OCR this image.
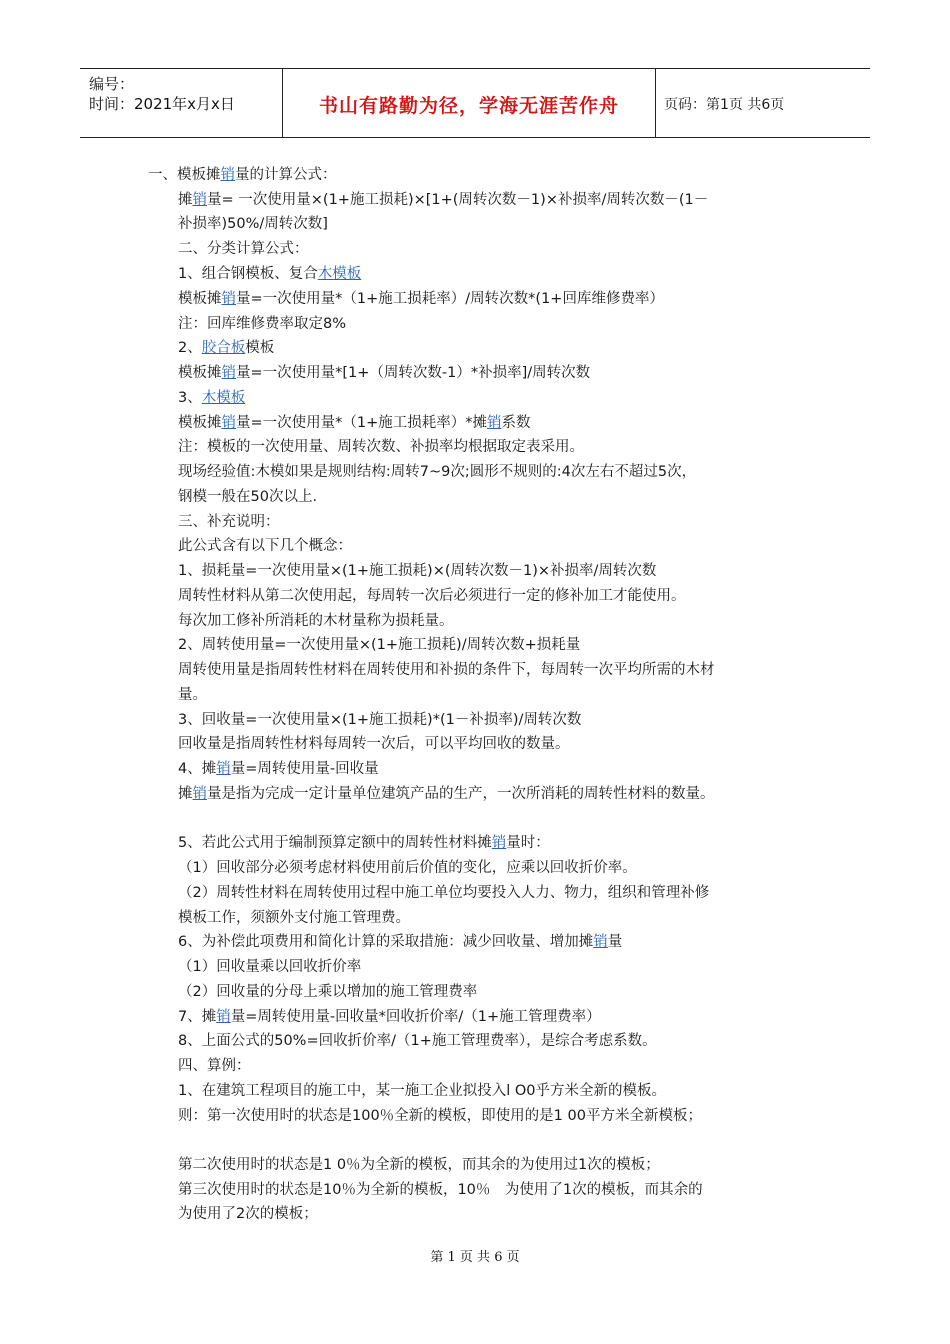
编号：
时间：2021年x月x日	书山有路勤为径，学海无涯苦作舟	页码：第1页 共6页
一、模板摊销量的计算公式：
摊销量= 一次使用量×(1+施工损耗)×[1+(周转次数－1)×补损率/周转次数－(1－
补损率)50%/周转次数]
二、分类计算公式：
1、组合钢模板、复合木模板
模板摊销量=一次使用量*（1+施工损耗率）/周转次数*(1+回库维修费率）
注：回库维修费率取定8%
2、胶合板模板
模板摊销量=一次使用量*[1+（周转次数-1）*补损率]/周转次数
3、木模板
模板摊销量=一次使用量*（1+施工损耗率）*摊销系数
注：模板的一次使用量、周转次数、补损率均根据取定表采用。
现场经验值:木模如果是规则结构:周转7~9次;圆形不规则的:4次左右不超过5次，
钢模一般在50次以上.
三、补充说明：
此公式含有以下几个概念：
1、损耗量=一次使用量×(1+施工损耗)×(周转次数－1)×补损率/周转次数
周转性材料从第二次使用起，每周转一次后必须进行一定的修补加工才能使用。
每次加工修补所消耗的木材量称为损耗量。
2、周转使用量=一次使用量×(1+施工损耗)/周转次数+损耗量
周转使用量是指周转性材料在周转使用和补损的条件下，每周转一次平均所需的木材
量。
3、回收量=一次使用量×(1+施工损耗)*(1－补损率)/周转次数
回收量是指周转性材料每周转一次后，可以平均回收的数量。
4、摊销量=周转使用量-回收量
摊销量是指为完成一定计量单位建筑产品的生产，一次所消耗的周转性材料的数量。
5、若此公式用于编制预算定额中的周转性材料摊销量时：
（1）回收部分必须考虑材料使用前后价值的变化，应乘以回收折价率。
（2）周转性材料在周转使用过程中施工单位均要投入人力、物力，组织和管理补修
模板工作，须额外支付施工管理费。
6、为补偿此项费用和简化计算的采取措施：减少回收量、增加摊销量
（1）回收量乘以回收折价率
（2）回收量的分母上乘以增加的施工管理费率
7、摊销量=周转使用量-回收量*回收折价率/（1+施工管理费率）
8、上面公式的50%=回收折价率/（1+施工管理费率），是综合考虑系数。
四、算例：
1、在建筑工程项目的施工中，某一施工企业拟投入l O0乎方米全新的模板。
则：第一次使用时的状态是100％全新的模板，即使用的是1 00平方米全新模板；
第二次使用时的状态是1 0％为全新的模板，而其余的为使用过1次的模板；
第三次使用时的状态是10％为全新的模板，10％　为使用了1次的模板，而其余的
为使用了2次的模板；
第 1 页 共 6 页
